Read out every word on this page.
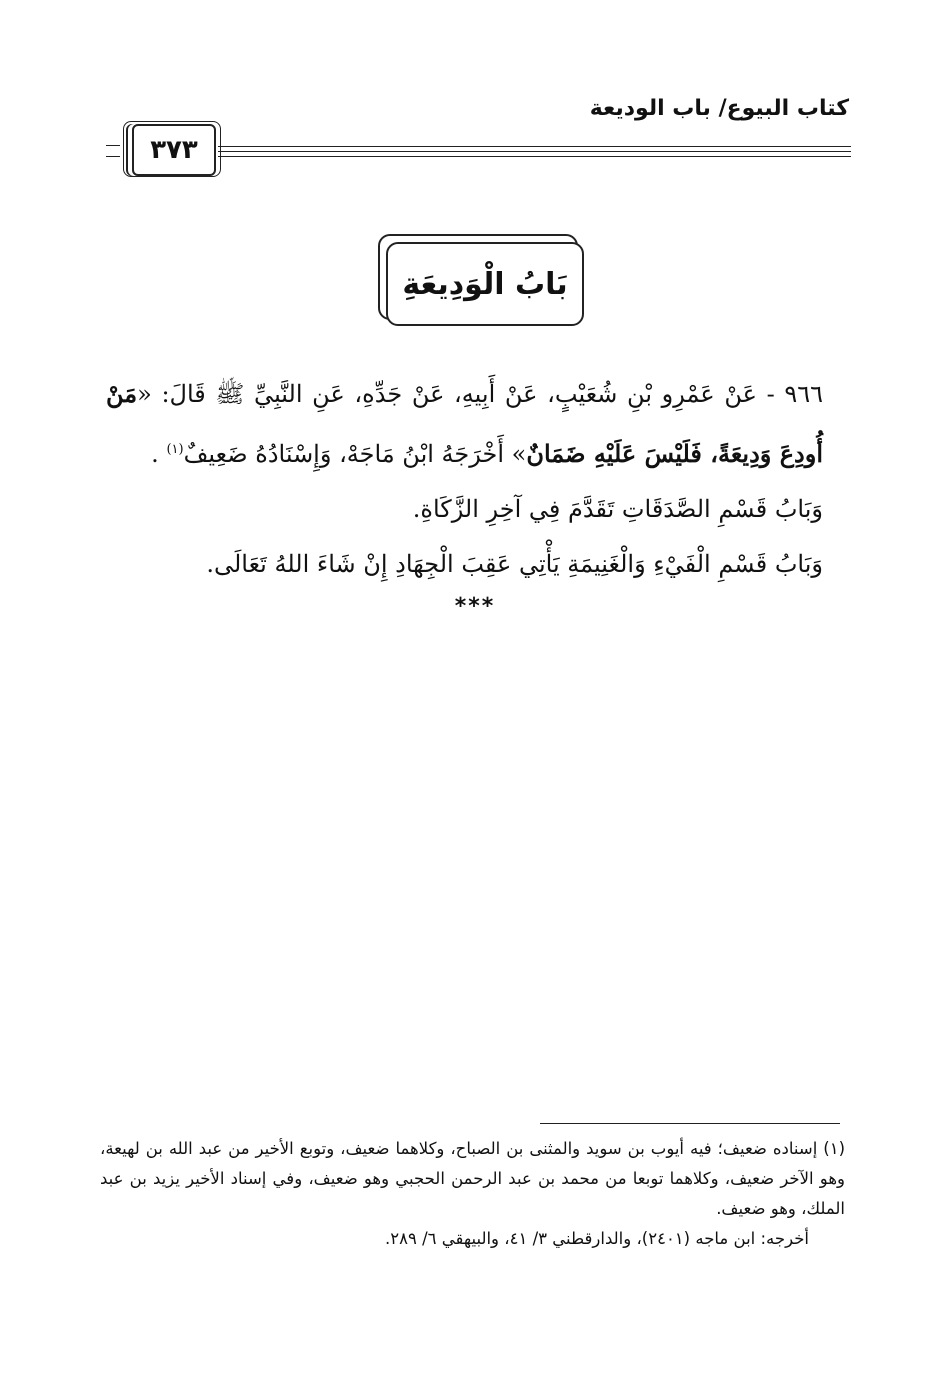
كتاب البيوع/ باب الوديعة
٣٧٣
بَابُ الْوَدِيعَةِ

٩٦٦ - عَنْ عَمْرِو بْنِ شُعَيْبٍ، عَنْ أَبِيهِ، عَنْ جَدِّهِ، عَنِ النَّبِيِّ ﷺ قَالَ: «مَنْ أُودِعَ وَدِيعَةً، فَلَيْسَ عَلَيْهِ ضَمَانٌ» أَخْرَجَهُ ابْنُ مَاجَهْ، وَإِسْنَادُهُ ضَعِيفٌ$^{(١)}$ .

وَبَابُ قَسْمِ الصَّدَقَاتِ تَقَدَّمَ فِي آخِرِ الزَّكَاةِ.

وَبَابُ قَسْمِ الْفَيْءِ وَالْغَنِيمَةِ يَأْتِي عَقِبَ الْجِهَادِ إِنْ شَاءَ اللهُ تَعَالَى.

***

(١) إسناده ضعيف؛ فيه أيوب بن سويد والمثنى بن الصباح، وكلاهما ضعيف، وتوبع الأخير من عبد الله بن لهيعة، وهو الآخر ضعيف، وكلاهما توبعا من محمد بن عبد الرحمن الحجبي وهو ضعيف، وفي إسناد الأخير يزيد بن عبد الملك، وهو ضعيف.

أخرجه: ابن ماجه (٢٤٠١)، والدارقطني ٣/ ٤١، والبيهقي ٦/ ٢٨٩.
